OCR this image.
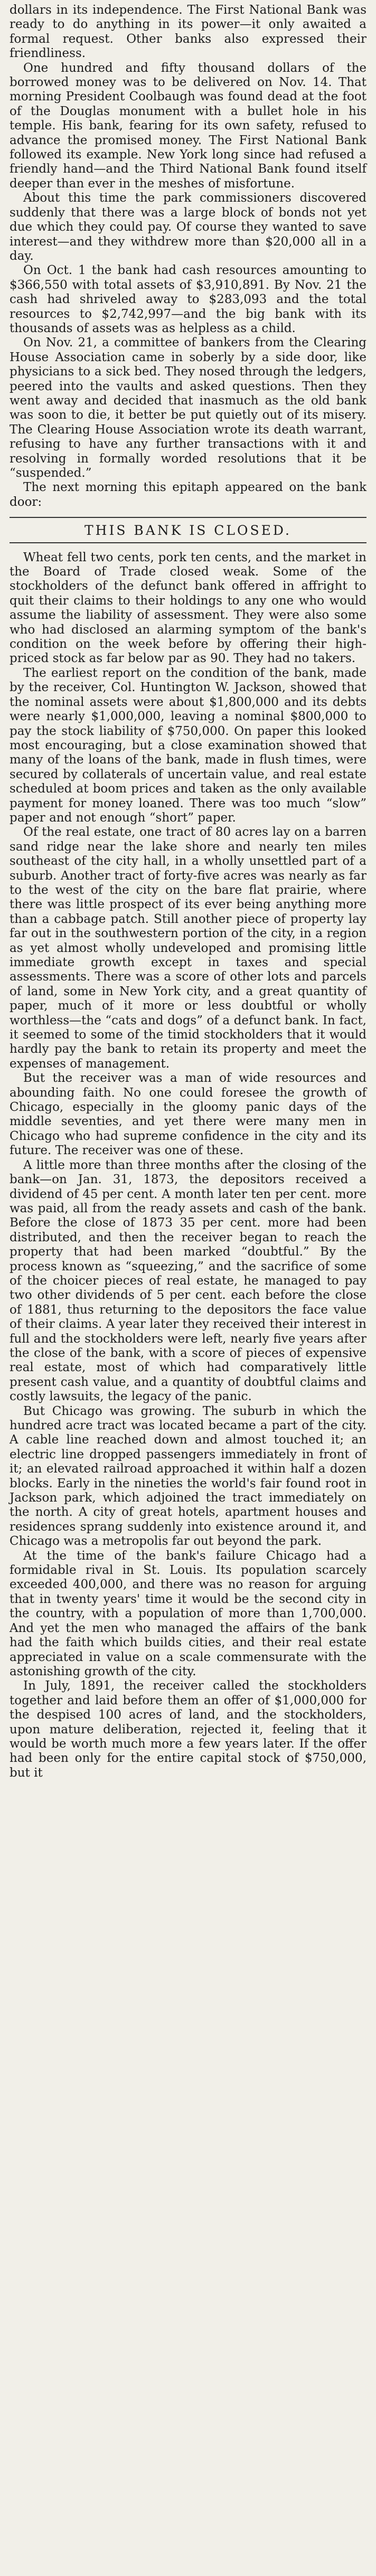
dollars in its independence. The First National Bank was ready to do anything in its power—it only awaited a formal request. Other banks also expressed their friendliness.

One hundred and fifty thousand dollars of the borrowed money was to be delivered on Nov. 14. That morning President Coolbaugh was found dead at the foot of the Douglas monument with a bullet hole in his temple. His bank, fearing for its own safety, refused to advance the promised money. The First National Bank followed its example. New York long since had refused a friendly hand—and the Third National Bank found itself deeper than ever in the meshes of misfortune.

About this time the park commissioners discovered suddenly that there was a large block of bonds not yet due which they could pay. Of course they wanted to save interest—and they withdrew more than $20,000 all in a day.

On Oct. 1 the bank had cash resources amounting to $366,550 with total assets of $3,910,891. By Nov. 21 the cash had shriveled away to $283,093 and the total resources to $2,742,997—and the big bank with its thousands of assets was as helpless as a child.

On Nov. 21, a committee of bankers from the Clearing House Association came in soberly by a side door, like physicians to a sick bed. They nosed through the ledgers, peered into the vaults and asked questions. Then they went away and decided that inasmuch as the old bank was soon to die, it better be put quietly out of its misery. The Clearing House Association wrote its death warrant, refusing to have any further transactions with it and resolving in formally worded resolutions that it be “suspended.”

The next morning this epitaph appeared on the bank door:

THIS BANK IS CLOSED.

Wheat fell two cents, pork ten cents, and the market in the Board of Trade closed weak. Some of the stockholders of the defunct bank offered in affright to quit their claims to their holdings to any one who would assume the liability of assessment. They were also some who had disclosed an alarming symptom of the bank's condition on the week before by offering their high-priced stock as far below par as 90. They had no takers.

The earliest report on the condition of the bank, made by the receiver, Col. Huntington W. Jackson, showed that the nominal assets were about $1,800,000 and its debts were nearly $1,000,000, leaving a nominal $800,000 to pay the stock liability of $750,000. On paper this looked most encouraging, but a close examination showed that many of the loans of the bank, made in flush times, were secured by collaterals of uncertain value, and real estate scheduled at boom prices and taken as the only available payment for money loaned. There was too much “slow” paper and not enough “short” paper.

Of the real estate, one tract of 80 acres lay on a barren sand ridge near the lake shore and nearly ten miles southeast of the city hall, in a wholly unsettled part of a suburb. Another tract of forty-five acres was nearly as far to the west of the city on the bare flat prairie, where there was little prospect of its ever being anything more than a cabbage patch. Still another piece of property lay far out in the southwestern portion of the city, in a region as yet almost wholly undeveloped and promising little immediate growth except in taxes and special assessments. There was a score of other lots and parcels of land, some in New York city, and a great quantity of paper, much of it more or less doubtful or wholly worthless—the “cats and dogs” of a defunct bank. In fact, it seemed to some of the timid stockholders that it would hardly pay the bank to retain its property and meet the expenses of management.

But the receiver was a man of wide resources and abounding faith. No one could foresee the growth of Chicago, especially in the gloomy panic days of the middle seventies, and yet there were many men in Chicago who had supreme confidence in the city and its future. The receiver was one of these.

A little more than three months after the closing of the bank—on Jan. 31, 1873, the depositors received a dividend of 45 per cent. A month later ten per cent. more was paid, all from the ready assets and cash of the bank. Before the close of 1873 35 per cent. more had been distributed, and then the receiver began to reach the property that had been marked “doubtful.” By the process known as “squeezing,” and the sacrifice of some of the choicer pieces of real estate, he managed to pay two other dividends of 5 per cent. each before the close of 1881, thus returning to the depositors the face value of their claims. A year later they received their interest in full and the stockholders were left, nearly five years after the close of the bank, with a score of pieces of expensive real estate, most of which had comparatively little present cash value, and a quantity of doubtful claims and costly lawsuits, the legacy of the panic.

But Chicago was growing. The suburb in which the hundred acre tract was located became a part of the city. A cable line reached down and almost touched it; an electric line dropped passengers immediately in front of it; an elevated railroad approached it within half a dozen blocks. Early in the nineties the world's fair found root in Jackson park, which adjoined the tract immediately on the north. A city of great hotels, apartment houses and residences sprang suddenly into existence around it, and Chicago was a metropolis far out beyond the park.

At the time of the bank's failure Chicago had a formidable rival in St. Louis. Its population scarcely exceeded 400,000, and there was no reason for arguing that in twenty years' time it would be the second city in the country, with a population of more than 1,700,000. And yet the men who managed the affairs of the bank had the faith which builds cities, and their real estate appreciated in value on a scale commensurate with the astonishing growth of the city.

In July, 1891, the receiver called the stockholders together and laid before them an offer of $1,000,000 for the despised 100 acres of land, and the stockholders, upon mature deliberation, rejected it, feeling that it would be worth much more a few years later. If the offer had been only for the entire capital stock of $750,000, but it
